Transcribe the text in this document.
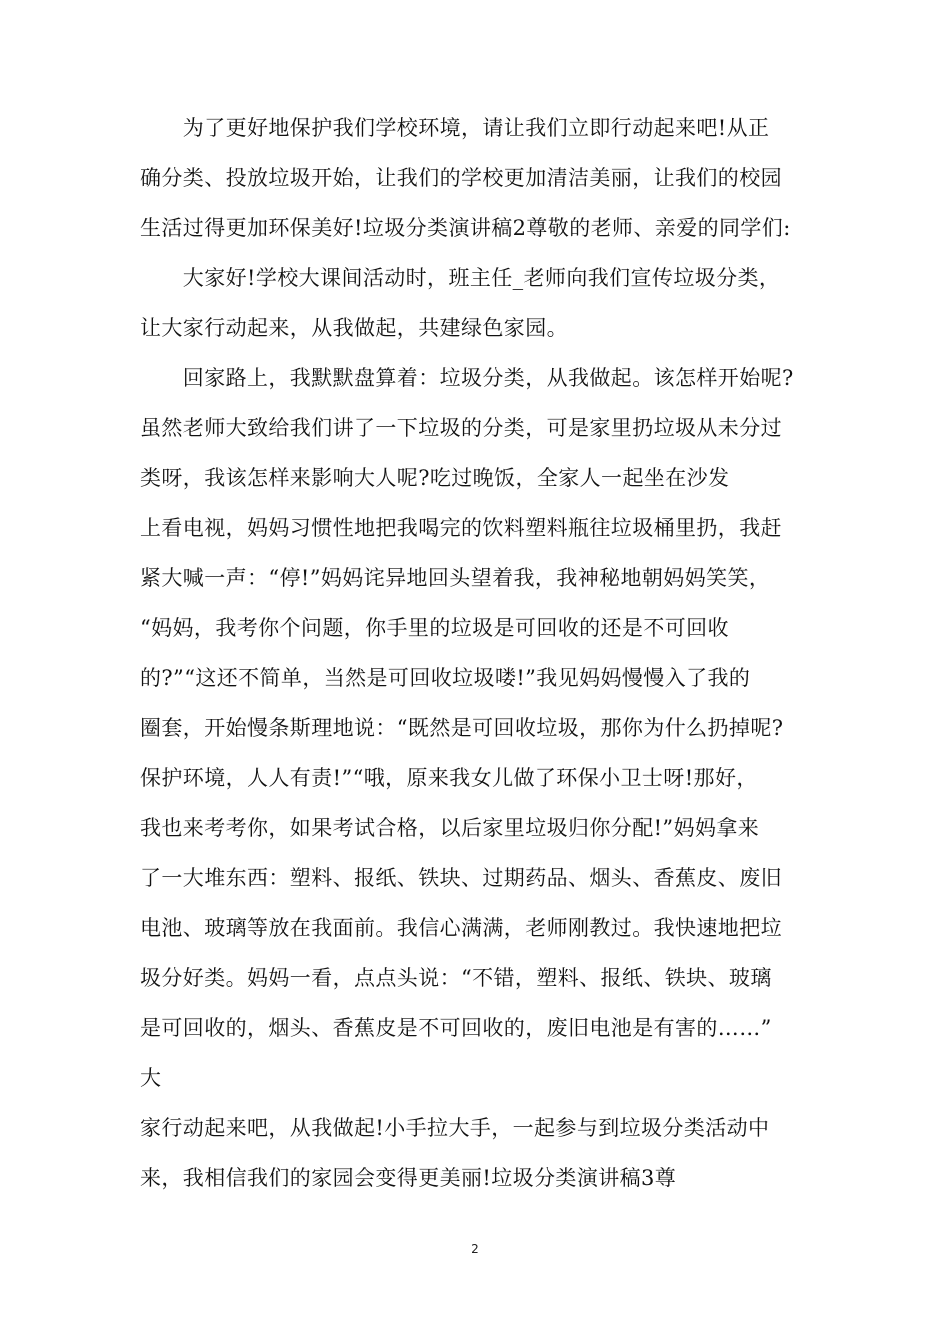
　　为了更好地保护我们学校环境，请让我们立即行动起来吧!从正
确分类、投放垃圾开始，让我们的学校更加清洁美丽，让我们的校园
生活过得更加环保美好!垃圾分类演讲稿2尊敬的老师、亲爱的同学们:
　　大家好!学校大课间活动时，班主任_老师向我们宣传垃圾分类，
让大家行动起来，从我做起，共建绿色家园。
　　回家路上，我默默盘算着：垃圾分类，从我做起。该怎样开始呢?
虽然老师大致给我们讲了一下垃圾的分类，可是家里扔垃圾从未分过
类呀，我该怎样来影响大人呢?吃过晚饭，全家人一起坐在沙发
上看电视，妈妈习惯性地把我喝完的饮料塑料瓶往垃圾桶里扔，我赶
紧大喊一声：“停!”妈妈诧异地回头望着我，我神秘地朝妈妈笑笑，
“妈妈，我考你个问题，你手里的垃圾是可回收的还是不可回收
的?”“这还不简单，当然是可回收垃圾喽!”我见妈妈慢慢入了我的
圈套，开始慢条斯理地说：“既然是可回收垃圾，那你为什么扔掉呢?
保护环境，人人有责!”“哦，原来我女儿做了环保小卫士呀!那好，
我也来考考你，如果考试合格，以后家里垃圾归你分配!”妈妈拿来
了一大堆东西：塑料、报纸、铁块、过期药品、烟头、香蕉皮、废旧
电池、玻璃等放在我面前。我信心满满，老师刚教过。我快速地把垃
圾分好类。妈妈一看，点点头说：“不错，塑料、报纸、铁块、玻璃
是可回收的，烟头、香蕉皮是不可回收的，废旧电池是有害的……”
大
家行动起来吧，从我做起!小手拉大手，一起参与到垃圾分类活动中
来，我相信我们的家园会变得更美丽!垃圾分类演讲稿3尊
2
